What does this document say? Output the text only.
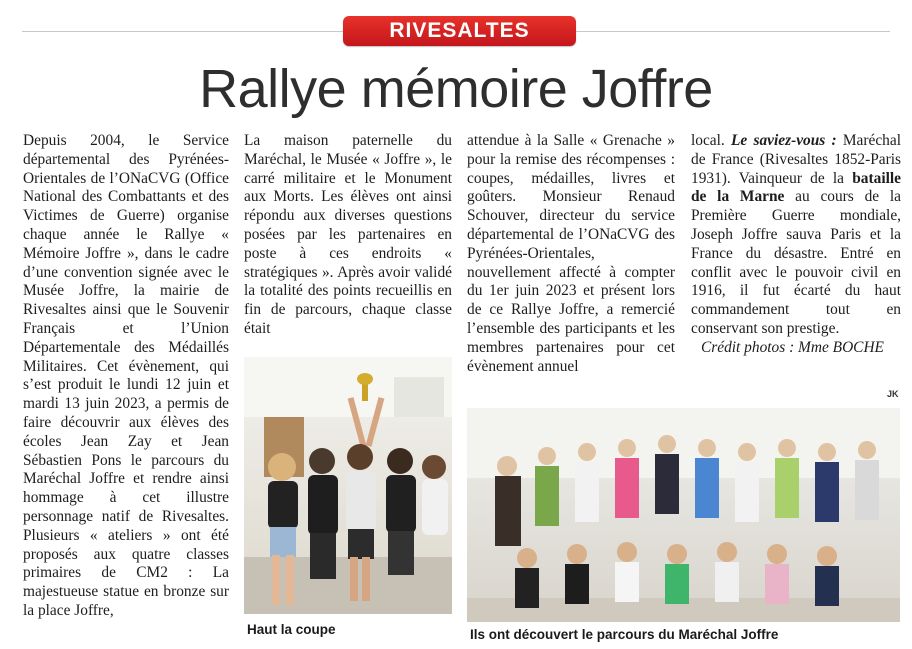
RIVESALTES
Rallye mémoire Joffre

Depuis 2004, le Service départemental des Pyrénées-Orientales de l’ONaCVG (Office National des Combattants et des Victimes de Guerre) organise chaque année le Rallye « Mémoire Joffre », dans le cadre d’une convention signée avec le Musée Joffre, la mairie de Rivesaltes ainsi que le Souvenir Français et l’Union Départementale des Médaillés Militaires. Cet évènement, qui s’est produit le lundi 12 juin et mardi 13 juin 2023, a permis de faire découvrir aux élèves des écoles Jean Zay et Jean Sébastien Pons le parcours du Maréchal Joffre et rendre ainsi hommage à cet illustre personnage natif de Rivesaltes. Plusieurs « ateliers » ont été proposés aux quatre classes primaires de CM2 : La majestueuse statue en bronze sur la place Joffre,

La maison paternelle du Maréchal, le Musée « Joffre », le carré militaire et le Monument aux Morts. Les élèves ont ainsi répondu aux diverses questions posées par les partenaires en poste à ces endroits « stratégiques ». Après avoir validé la totalité des points recueillis en fin de parcours, chaque classe était

attendue à la Salle « Grenache » pour la remise des récompenses : coupes, médailles, livres et goûters. Monsieur Renaud Schouver, directeur du service départemental de l’ONaCVG des Pyrénées-Orientales, nouvellement affecté à compter du 1er juin 2023 et présent lors de ce Rallye Joffre, a remercié l’ensemble des participants et les membres partenaires pour cet évènement annuel

local. Le saviez-vous : Maréchal de France (Rivesaltes 1852-Paris 1931). Vainqueur de la bataille de la Marne au cours de la Première Guerre mondiale, Joseph Joffre sauva Paris et la France du désastre. Entré en conflit avec le pouvoir civil en 1916, il fut écarté du haut commandement tout en conservant son prestige.

Crédit photos : Mme BOCHE

JK
Haut la coupe	Ils ont découvert le parcours du Maréchal Joffre
